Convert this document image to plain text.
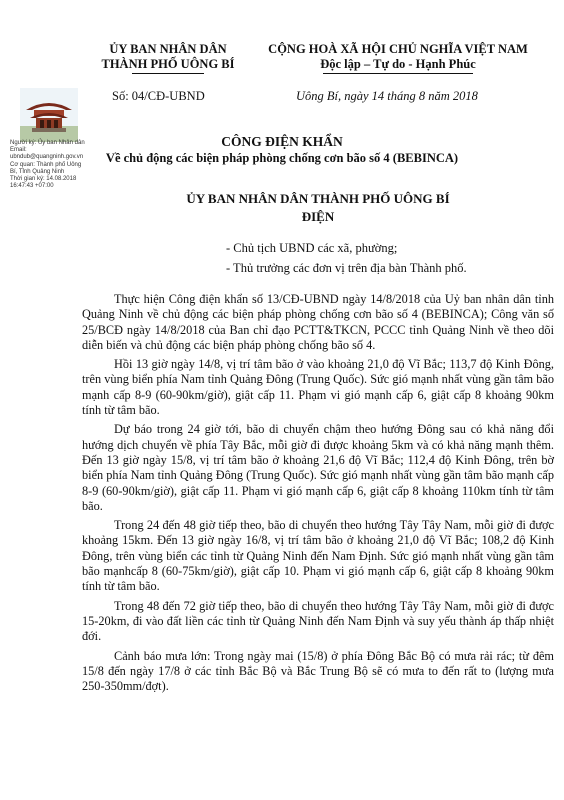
ỦY BAN NHÂN DÂN
THÀNH PHỐ UÔNG BÍ
CỘNG HOÀ XÃ HỘI CHỦ NGHĨA VIỆT NAM
Độc lập – Tự do - Hạnh Phúc
Số: 04/CĐ-UBND	Uông Bí, ngày 14 tháng 8 năm 2018
Người ký: Ủy ban Nhân dân
Email:
ubndub@quangninh.gov.vn
Cơ quan: Thành phố Uông
Bí, Tỉnh Quảng Ninh
Thời gian ký: 14.08.2018
16:47:43 +07:00
CÔNG ĐIỆN KHẨN
Về chủ động các biện pháp phòng chống cơn bão số 4 (BEBINCA)
ỦY BAN NHÂN DÂN THÀNH PHỐ UÔNG BÍ
ĐIỆN
- Chủ tịch UBND các xã, phường;
- Thủ trưởng các đơn vị trên địa bàn Thành phố.

Thực hiện Công điện khẩn số 13/CĐ-UBND ngày 14/8/2018 của Uỷ ban nhân dân tỉnh Quảng Ninh về chủ động các biện pháp phòng chống cơn bão số 4 (BEBINCA); Công văn số 25/BCĐ ngày 14/8/2018 của Ban chỉ đạo PCTT&TKCN, PCCC tỉnh Quảng Ninh về theo dõi diễn biến và chủ động các biện pháp phòng chống bão số 4.

Hồi 13 giờ ngày 14/8, vị trí tâm bão ở vào khoảng 21,0 độ Vĩ Bắc; 113,7 độ Kinh Đông, trên vùng biển phía Nam tỉnh Quảng Đông (Trung Quốc). Sức gió mạnh nhất vùng gần tâm bão mạnh cấp 8-9 (60-90km/giờ), giật cấp 11. Phạm vi gió mạnh cấp 6, giật cấp 8 khoảng 90km tính từ tâm bão.

Dự báo trong 24 giờ tới, bão di chuyển chậm theo hướng Đông sau có khả năng đổi hướng dịch chuyển về phía Tây Bắc, mỗi giờ đi được khoảng 5km và có khả năng mạnh thêm. Đến 13 giờ ngày 15/8, vị trí tâm bão ở khoảng 21,6 độ Vĩ Bắc; 112,4 độ Kinh Đông, trên bờ biển phía Nam tỉnh Quảng Đông (Trung Quốc). Sức gió mạnh nhất vùng gần tâm bão mạnh cấp 8-9 (60-90km/giờ), giật cấp 11. Phạm vi gió mạnh cấp 6, giật cấp 8 khoảng 110km tính từ tâm bão.

Trong 24 đến 48 giờ tiếp theo, bão di chuyển theo hướng Tây Tây Nam, mỗi giờ đi được khoảng 15km. Đến 13 giờ ngày 16/8, vị trí tâm bão ở khoảng 21,0 độ Vĩ Bắc; 108,2 độ Kinh Đông, trên vùng biển các tỉnh từ Quảng Ninh đến Nam Định. Sức gió mạnh nhất vùng gần tâm bão mạnhcấp 8 (60-75km/giờ), giật cấp 10. Phạm vi gió mạnh cấp 6, giật cấp 8 khoảng 90km tính từ tâm bão.

Trong 48 đến 72 giờ tiếp theo, bão di chuyển theo hướng Tây Tây Nam, mỗi giờ đi được 15-20km, đi vào đất liền các tỉnh từ Quảng Ninh đến Nam Định và suy yếu thành áp thấp nhiệt đới.

Cảnh báo mưa lớn: Trong ngày mai (15/8) ở phía Đông Bắc Bộ có mưa rải rác; từ đêm 15/8 đến ngày 17/8 ở các tỉnh Bắc Bộ và Bắc Trung Bộ sẽ có mưa to đến rất to (lượng mưa 250-350mm/đợt).
